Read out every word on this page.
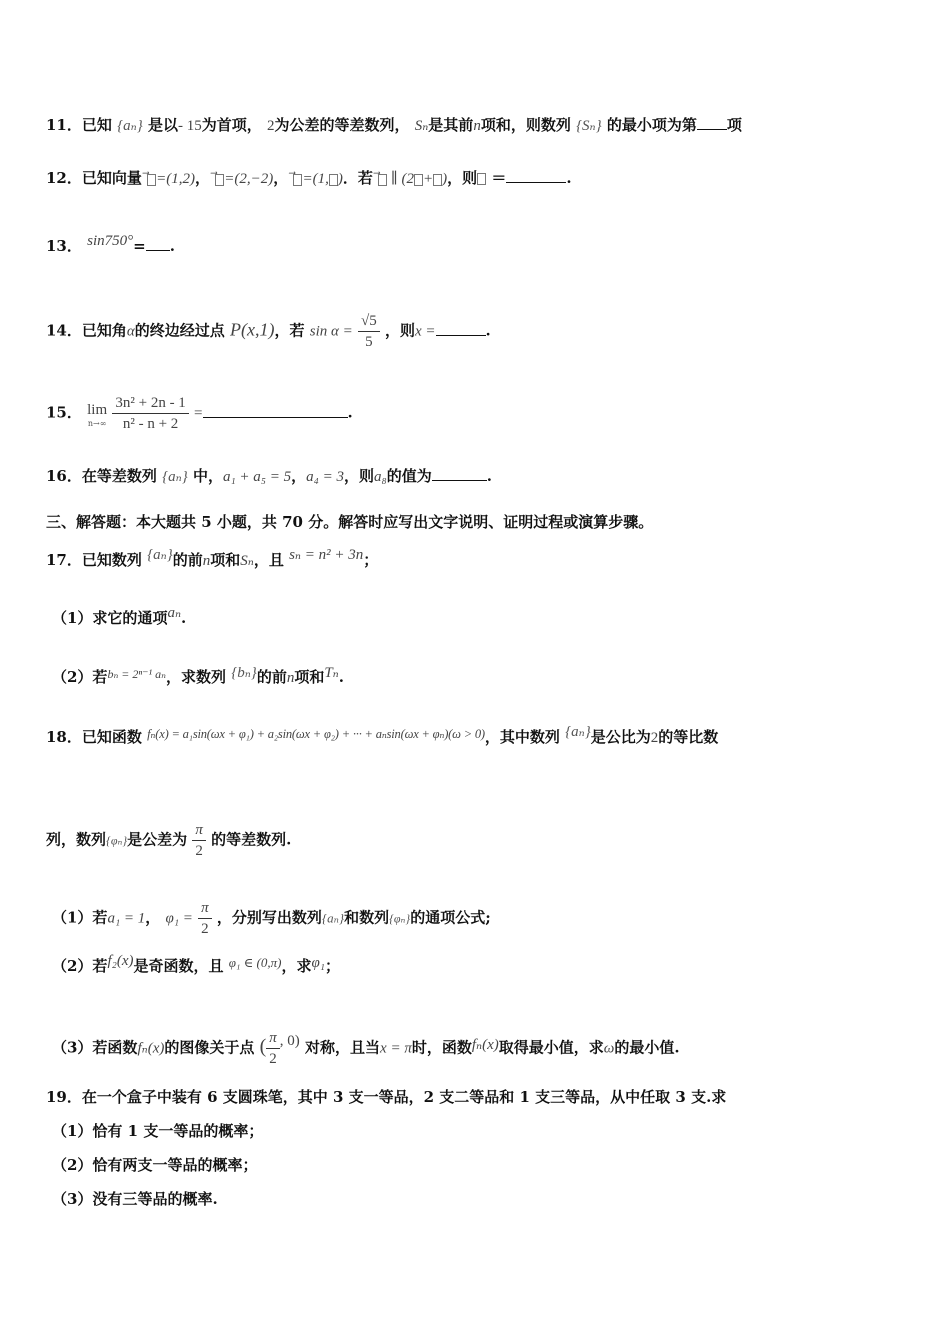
11．已知 {aₙ} 是以- 15为首项， 2为公差的等差数列， Sₙ是其前n项和，则数列 {Sₙ} 的最小项为第 项
12．已知向量 =(1,2)， =(2,−2)， =(1, )．若 ∥ (2 + )，则 ＝	.
13． sin750°= .
14．已知角α的终边经过点 P(x,1)，若 $\sin \alpha = \frac{√5}{5}$ ，则x =	.
15． lim
n→∞
$\frac{\text{3n² + 2n - 1}}{\text{n² - n + 2}}$ =	.
16．在等差数列 {aₙ} 中，a₁ + a₅ = 5，a₄ = 3，则a₈的值为	.
三、解答题：本大题共 5 小题，共 70 分。解答时应写出文字说明、证明过程或演算步骤。
17．已知数列 {aₙ}的前n项和Sₙ，且 sₙ = n² + 3n；
（1）求它的通项aₙ.
（2）若$^{b_n = 2^{n-1} a_n}$，求数列 {bₙ}的前n项和Tₙ.
18．已知函数 $^{f_n(x) = a_1sin(\omega x + \varphi_1) + a_2sin(\omega x + \varphi_2) + \cdot\cdot\cdot + a_nsin(\omega x + \varphi_n)(\omega > 0)}$，其中数列 {aₙ}是公比为2的等比数
列，数列{φₙ}是公差为 $\frac{\pi}{2}$ 的等差数列.
（1）若a₁ = 1， $\varphi_1 = \frac{\pi}{2}$ ，分别写出数列{aₙ}和数列{φₙ}的通项公式;
（2）若f₂(x)是奇函数，且 φ₁ ∈ (0,π)，求φ₁；
（3）若函数fₙ(x)的图像关于点 ( $\frac{\pi}{2}$ , 0) 对称，且当x = π时，函数fₙ(x)取得最小值，求ω的最小值.
19．在一个盒子中装有 6 支圆珠笔，其中 3 支一等品，2 支二等品和 1 支三等品，从中任取 3 支.求
（1）恰有 1 支一等品的概率；
（2）恰有两支一等品的概率；
（3）没有三等品的概率.
